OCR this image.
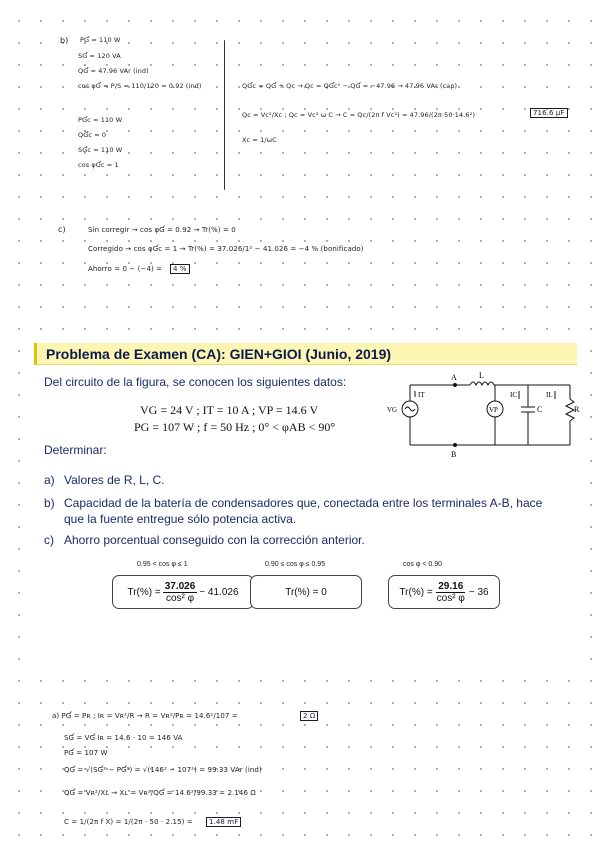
b) PƓ = 110 W
SƓ = 120 VA
QƓ = 47.96 VAr (ind)
cos φƓ = P/S = 110/120 = 0.92 (ind)
PƓc = 110 W
QƓc = 0
SƓc = 110 W
cos φƓc = 1
QƓc = QƓ + Qc → Qc = QƓc⁰ − QƓ = −47.96 → 47.96 VAr (cap)
Qc = Vc²/Xc ; Qc = Vc² ω C → C = Qc/(2π f Vc²) = 47.96/(2π·50·14.6²)
Xc = 1/ωC
716.6 µF
c)	Sin corregir → cos φƓ = 0.92 → Tr(%) = 0
Corregido → cos φƓc = 1 → Tr(%) = 37.026/1² − 41.026 = −4 % (bonificado)
Ahorro = 0 − (−4) =	4 %
Problema de Examen (CA): GIEN+GIOI (Junio, 2019)
Del circuito de la figura, se conocen los siguientes datos:
VG = 24 V ; IT = 10 A ; VP = 14.6 V
PG = 107 W ; f = 50 Hz ; 0° < φAB < 90°
Determinar:
a) Valores de R, L, C.
b) Capacidad de la batería de condensadores que, conectada entre los terminales A-B, hace
que la fuente entregue sólo potencia activa.
c) Ahorro porcentual conseguido con la corrección anterior.
0.95 < cos φ ≤ 1
$Tr(\%) = \frac{37.026}{\text{cos² φ}} - 41.026$
0.90 ≤ cos φ ≤ 0.95
Tr(%) = 0
cos φ < 0.90
$Tr(\%) = \frac{29.16}{\text{cos² φ}} - 36$
A
B
L
IT	IC	IL
C	R
VG	VP
a) PƓ = Pʀ ; Iʀ = Vʀ²/R → R = Vʀ²/Pʀ = 14.6²/107 =	2 Ω
SƓ = VƓ Iʀ = 14.6 · 10 = 146 VA
PƓ = 107 W
QƓ = √(SƓ² − PƓ²) = √(146² − 107²) = 99.33 VAr (ind)
QƓ = Vʀ²/Xʟ → Xʟ = Vʀ²/QƓ = 14.6²/99.33 = 2.146 Ω
C = 1/(2π f X) = 1/(2π · 50 · 2.15) =	1.48 mF
